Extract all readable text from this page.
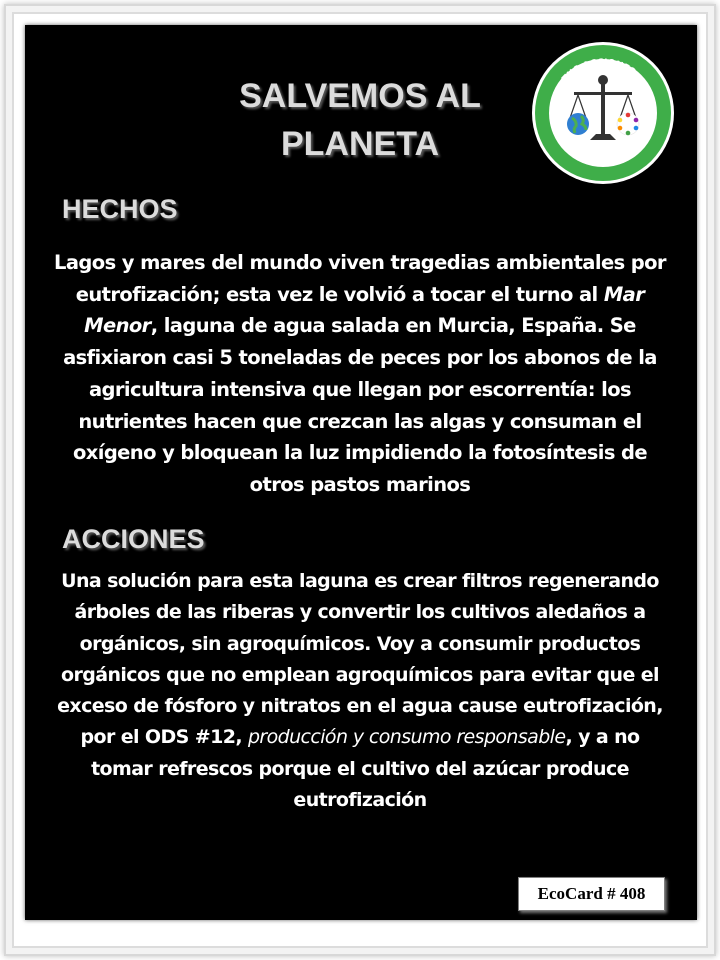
SALVEMOS AL
PLANETA
TUS ACCIONES...
...SALVAN AL PLANETA
HECHOS
Lagos y mares del mundo viven tragedias ambientales por eutrofización; esta vez le volvió a tocar el turno al Mar Menor, laguna de agua salada en Murcia, España. Se asfixiaron casi 5 toneladas de peces por los abonos de la agricultura intensiva que llegan por escorrentía: los nutrientes hacen que crezcan las algas y consuman el oxígeno y bloquean la luz impidiendo la fotosíntesis de otros pastos marinos
ACCIONES
Una solución para esta laguna es crear filtros regenerando árboles de las riberas y convertir los cultivos aledaños a orgánicos, sin agroquímicos. Voy a consumir productos orgánicos que no emplean agroquímicos para evitar que el exceso de fósforo y nitratos en el agua cause eutrofización, por el ODS #12, producción y consumo responsable, y a no tomar refrescos porque el cultivo del azúcar produce eutrofización
EcoCard # 408
